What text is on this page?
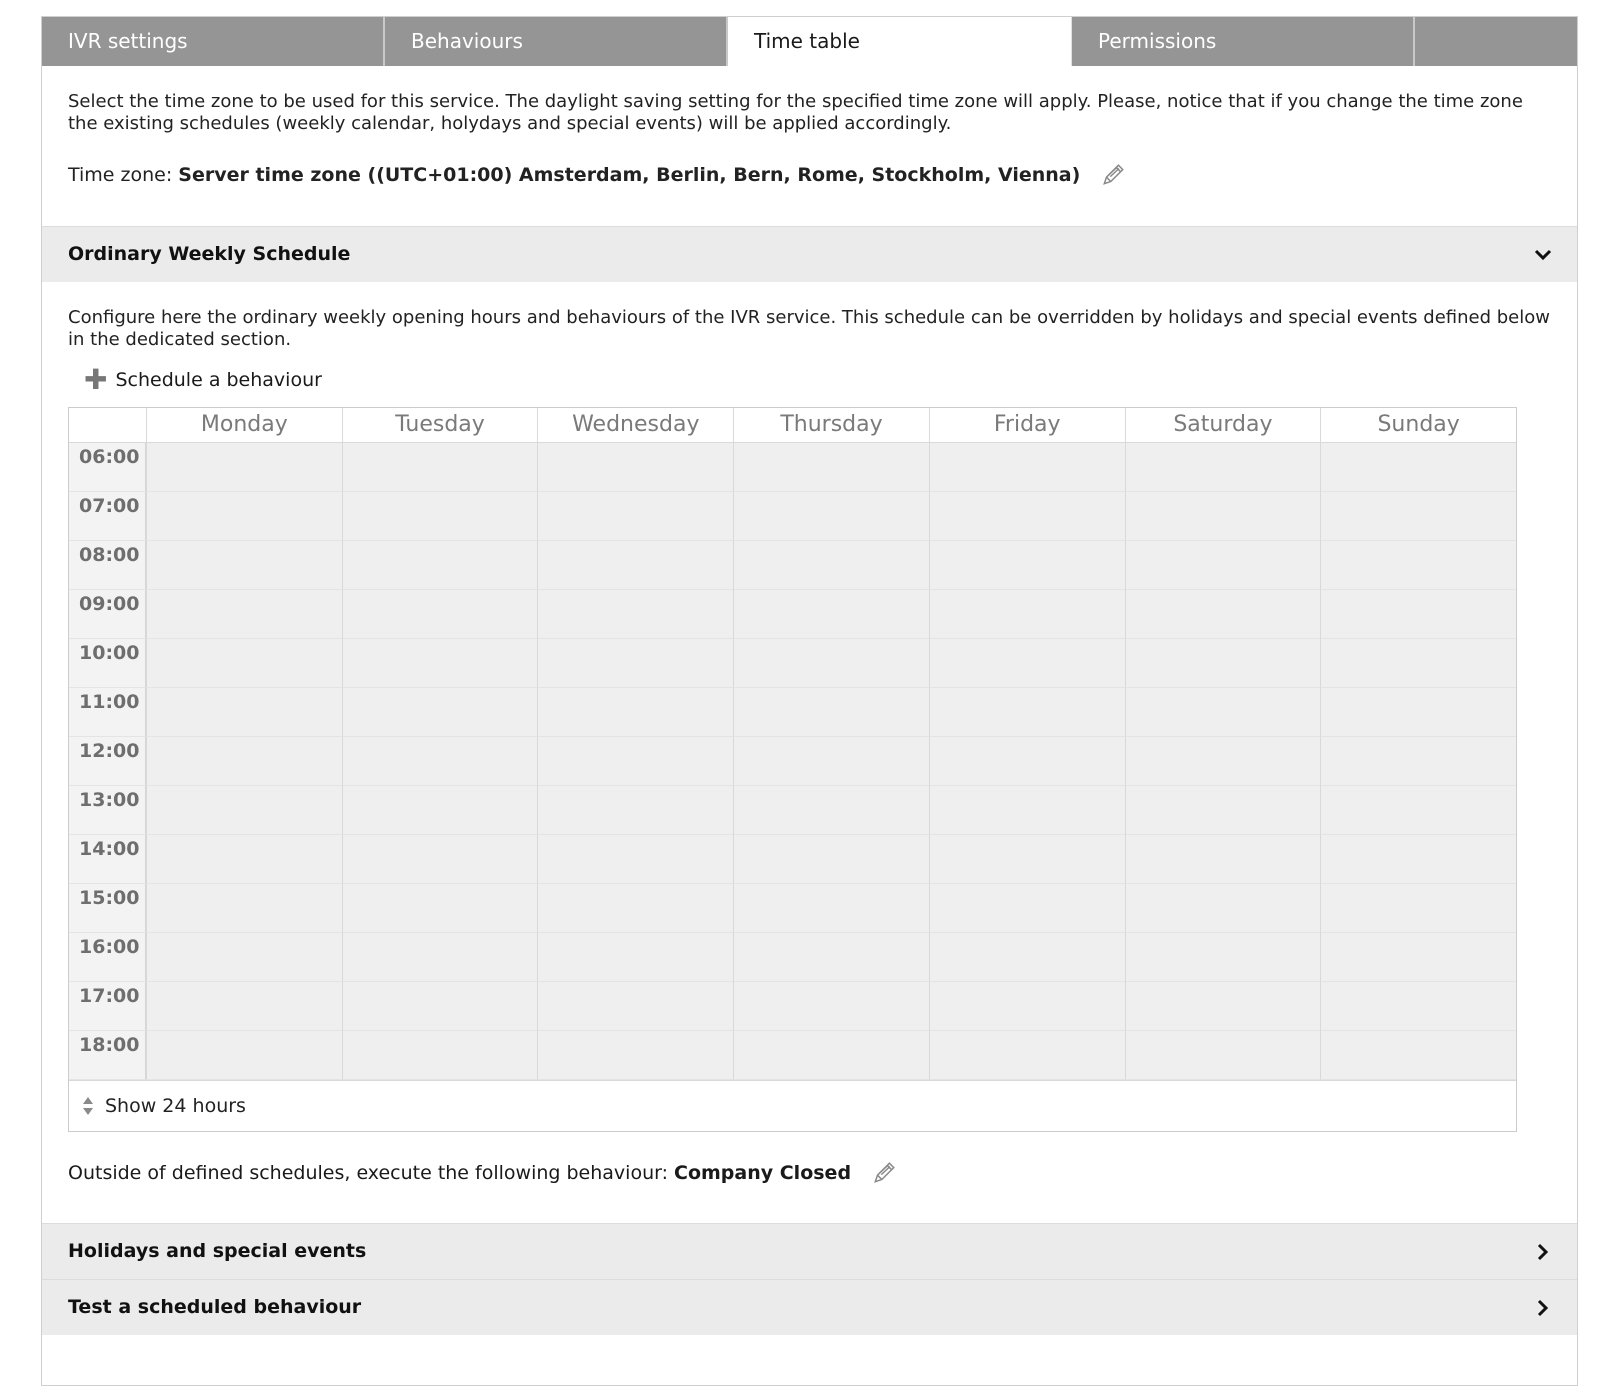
IVR settings	Behaviours	Time table	Permissions
Select the time zone to be used for this service. The daylight saving setting for the specified time zone will apply. Please, notice that if you change the time zone the existing schedules (weekly calendar, holydays and special events) will be applied accordingly.
Time zone: Server time zone ((UTC+01:00) Amsterdam, Berlin, Bern, Rome, Stockholm, Vienna)
Ordinary Weekly Schedule

Configure here the ordinary weekly opening hours and behaviours of the IVR service. This schedule can be overridden by holidays and special events defined below in the dedicated section.

✚ Schedule a behaviour
Monday	Tuesday	Wednesday	Thursday	Friday	Saturday	Sunday
06:00
07:00
08:00
09:00
10:00
11:00
12:00
13:00
14:00
15:00
16:00
17:00
18:00
Show 24 hours
Outside of defined schedules, execute the following behaviour: Company Closed
Holidays and special events
Test a scheduled behaviour
